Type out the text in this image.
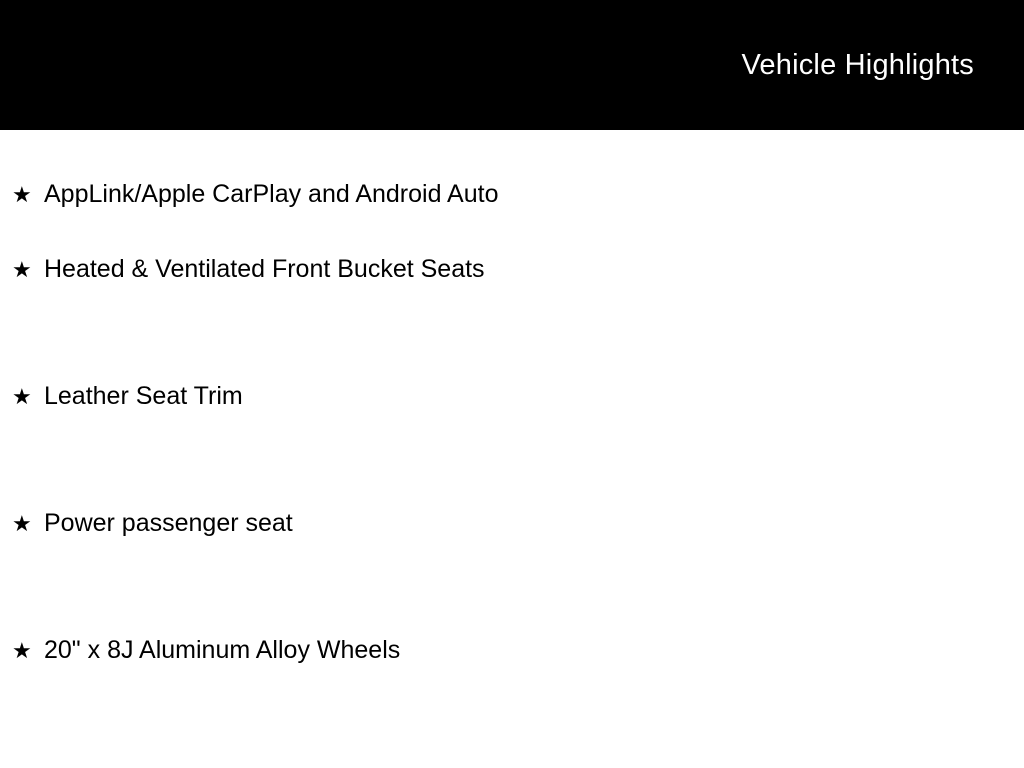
Vehicle Highlights
★ AppLink/Apple CarPlay and Android Auto
★ Heated & Ventilated Front Bucket Seats
★ Leather Seat Trim
★ Power passenger seat
★ 20" x 8J Aluminum Alloy Wheels
